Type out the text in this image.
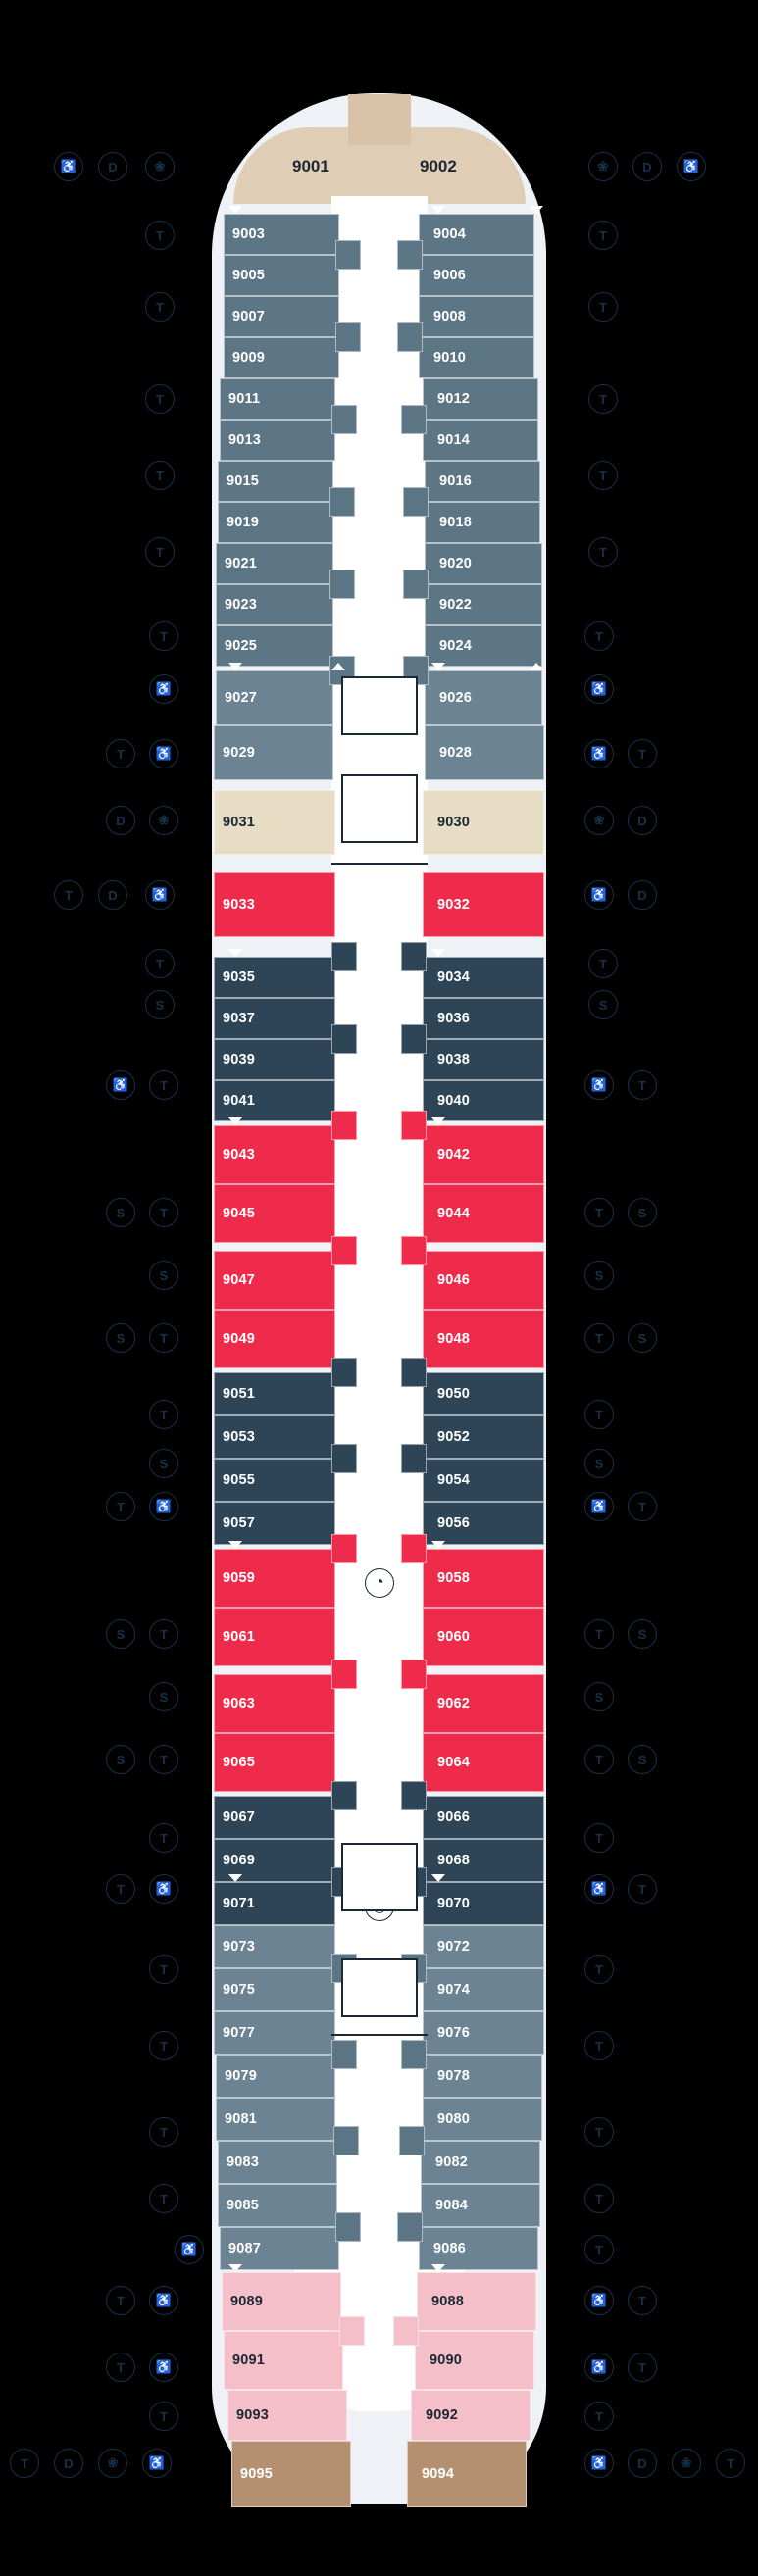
9001	9002
9003
9005
9007
9009
9011
9013
9015
9019
9021
9023
9025
9027
9029
9031
9033
9035
9037
9039
9041
9043
9045
9047
9049
9051
9053
9055
9057
9059
9061
9063
9065
9067
9069
9071
9073
9075
9077
9079
9081
9083
9085
9087
9089
9091
9093
9095
9004
9006
9008
9010
9012
9014
9016
9018
9020
9022
9024
9026
9028
9030
9032
9034
9036
9038
9040
9042
9044
9046
9048
9050
9052
9054
9056
9058
9060
9062
9064
9066
9068
9070
9072
9074
9076
9078
9080
9082
9084
9086
9088
9090
9092
9094
♿ D	❀
T
T
T
T
T
T
♿
T ♿
D	❀
T	D	♿
T
S
T
♿
S	T
S
S	T
T
S
T ♿
S	T
S
S	T
T
T ♿
T
T
T
T
♿
T ♿
♿
T
T
T	D	❀ ♿
❀	D ♿
T
T
T
T
T
T
♿
♿ T
❀	D
♿ D
T
S
♿ T
T	S
S
T	S
T
S
♿ T
T	S
S
T	S
T
♿ T
T
T
T
T
T
♿ T
♿ T
T
♿ D	❀	T
◔
